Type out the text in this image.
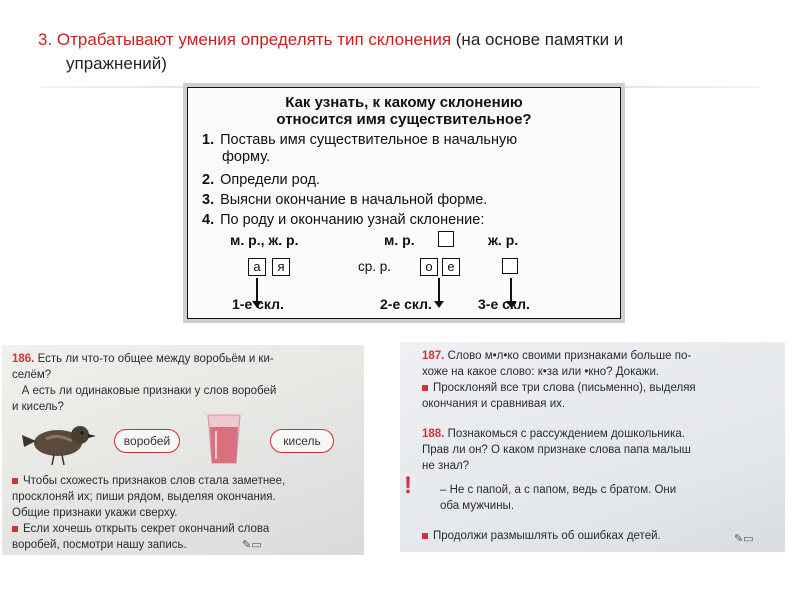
3. Отрабатывают умения определять тип склонения (на основе памятки и
упражнений)
Как узнать, к какому склонению
относится имя существительное?
1. Поставь имя существительное в начальную
форму.
2. Определи род.
3. Выясни окончание в начальной форме.
4. По роду и окончанию узнай склонение:
м. р., ж. р.	м. р.	ж. р.
а	я	ср. р.	о	е
1-е скл.	2-е скл.	3-е скл.
186. Есть ли что-то общее между воробьём и ки-
селём?
А есть ли одинаковые признаки у слов воробей
и кисель?
воробей	кисель
Чтобы схожесть признаков слов стала заметнее,
просклоняй их; пиши рядом, выделяя окончания.
Общие признаки укажи сверху.
Если хочешь открыть секрет окончаний слова
воробей, посмотри нашу запись.	✎▭
187. Слово м•л•ко своими признаками больше по-
хоже на какое слово: к•за или •кно? Докажи.
Просклоняй все три слова (письменно), выделяя
окончания и сравнивая их.
188. Познакомься с рассуждением дошкольника.
Прав ли он? О каком признаке слова папа малыш
не знал?
! – Не с папой, а с папом, ведь с братом. Они
оба мужчины.
Продолжи размышлять об ошибках детей.	✎▭
